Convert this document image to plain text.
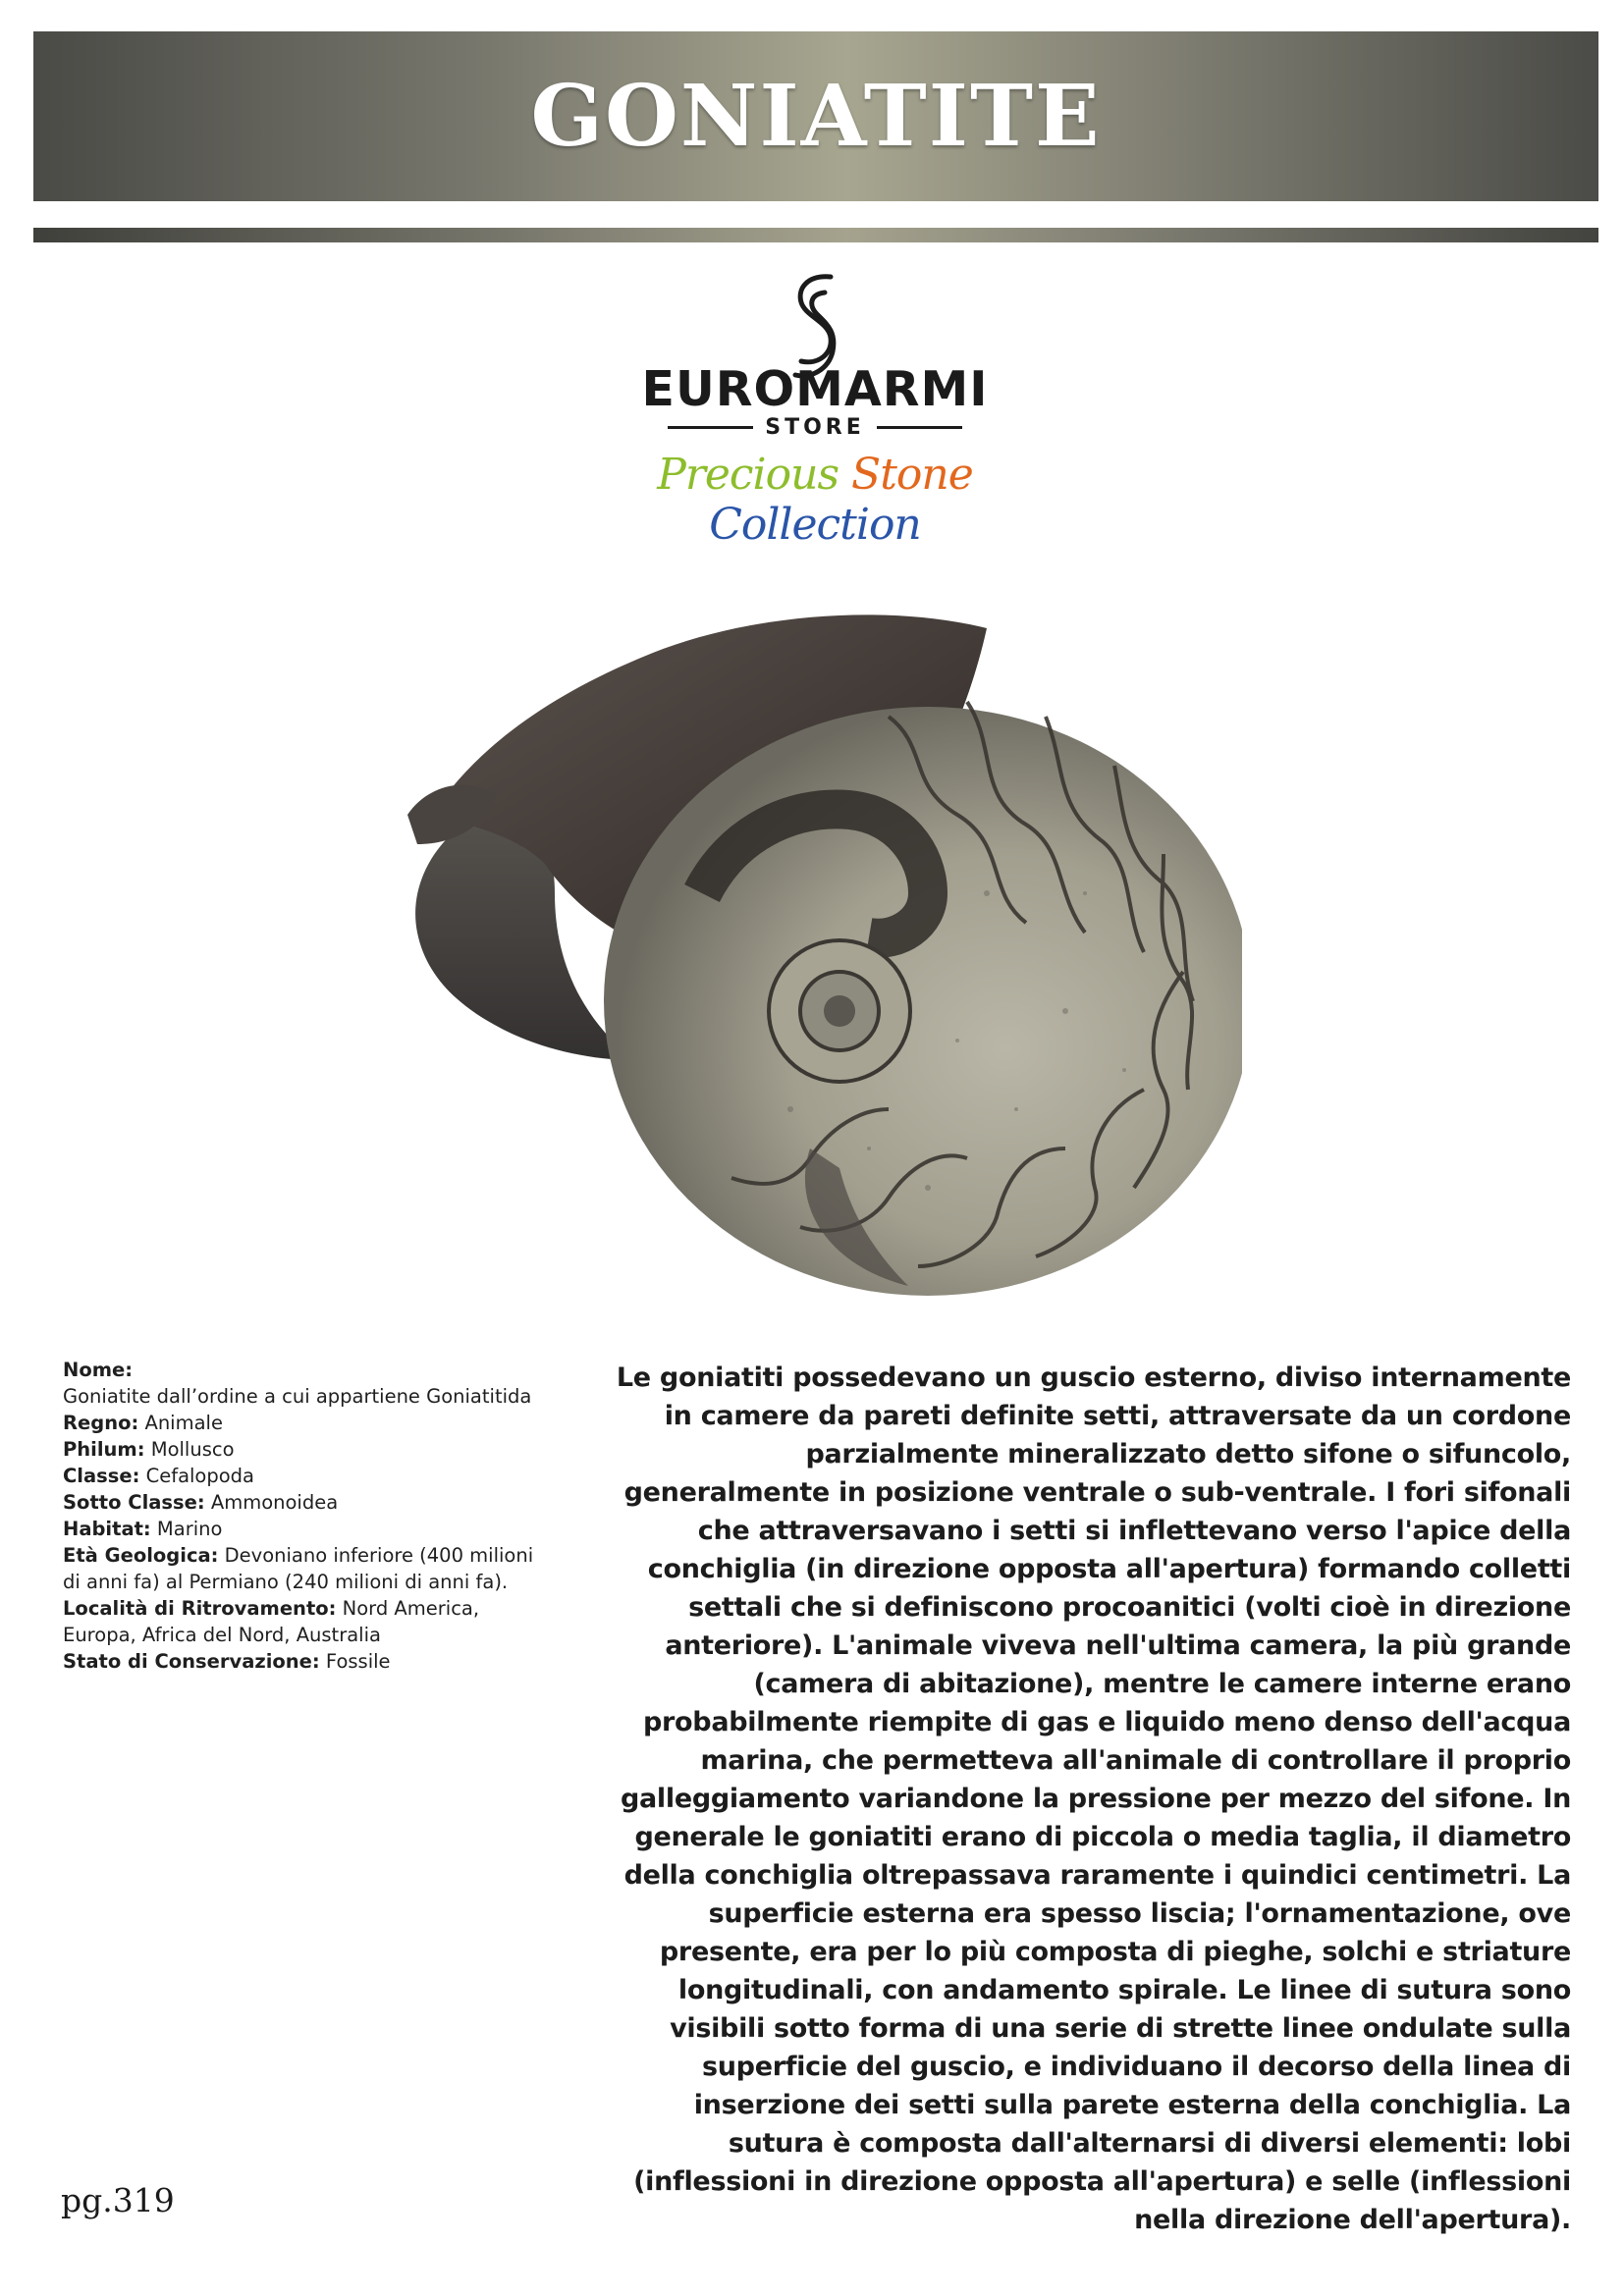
GONIATITE
EUROMARMI
STORE
Precious Stone Collection
Nome:
Goniatite dall’ordine a cui appartiene Goniatitida
Regno: Animale
Philum: Mollusco
Classe: Cefalopoda
Sotto Classe: Ammonoidea
Habitat: Marino
Età Geologica: Devoniano inferiore (400 milioni di anni fa) al Permiano (240 milioni di anni fa).
Località di Ritrovamento: Nord America, Europa, Africa del Nord, Australia
Stato di Conservazione: Fossile
Le goniatiti possedevano un guscio esterno, diviso internamente in camere da pareti definite setti, attraversate da un cordone parzialmente mineralizzato detto sifone o sifuncolo, generalmente in posizione ventrale o sub-ventrale. I fori sifonali che attraversavano i setti si inflettevano verso l'apice della conchiglia (in direzione opposta all'apertura) formando colletti settali che si definiscono procoanitici (volti cioè in direzione anteriore). L'animale viveva nell'ultima camera, la più grande (camera di abitazione), mentre le camere interne erano probabilmente riempite di gas e liquido meno denso dell'acqua marina, che permetteva all'animale di controllare il proprio galleggiamento variandone la pressione per mezzo del sifone. In generale le goniatiti erano di piccola o media taglia, il diametro della conchiglia oltrepassava raramente i quindici centimetri. La superficie esterna era spesso liscia; l'ornamentazione, ove presente, era per lo più composta di pieghe, solchi e striature longitudinali, con andamento spirale. Le linee di sutura sono visibili sotto forma di una serie di strette linee ondulate sulla superficie del guscio, e individuano il decorso della linea di inserzione dei setti sulla parete esterna della conchiglia. La sutura è composta dall'alternarsi di diversi elementi: lobi (inflessioni in direzione opposta all'apertura) e selle (inflessioni nella direzione dell'apertura).
pg.319
